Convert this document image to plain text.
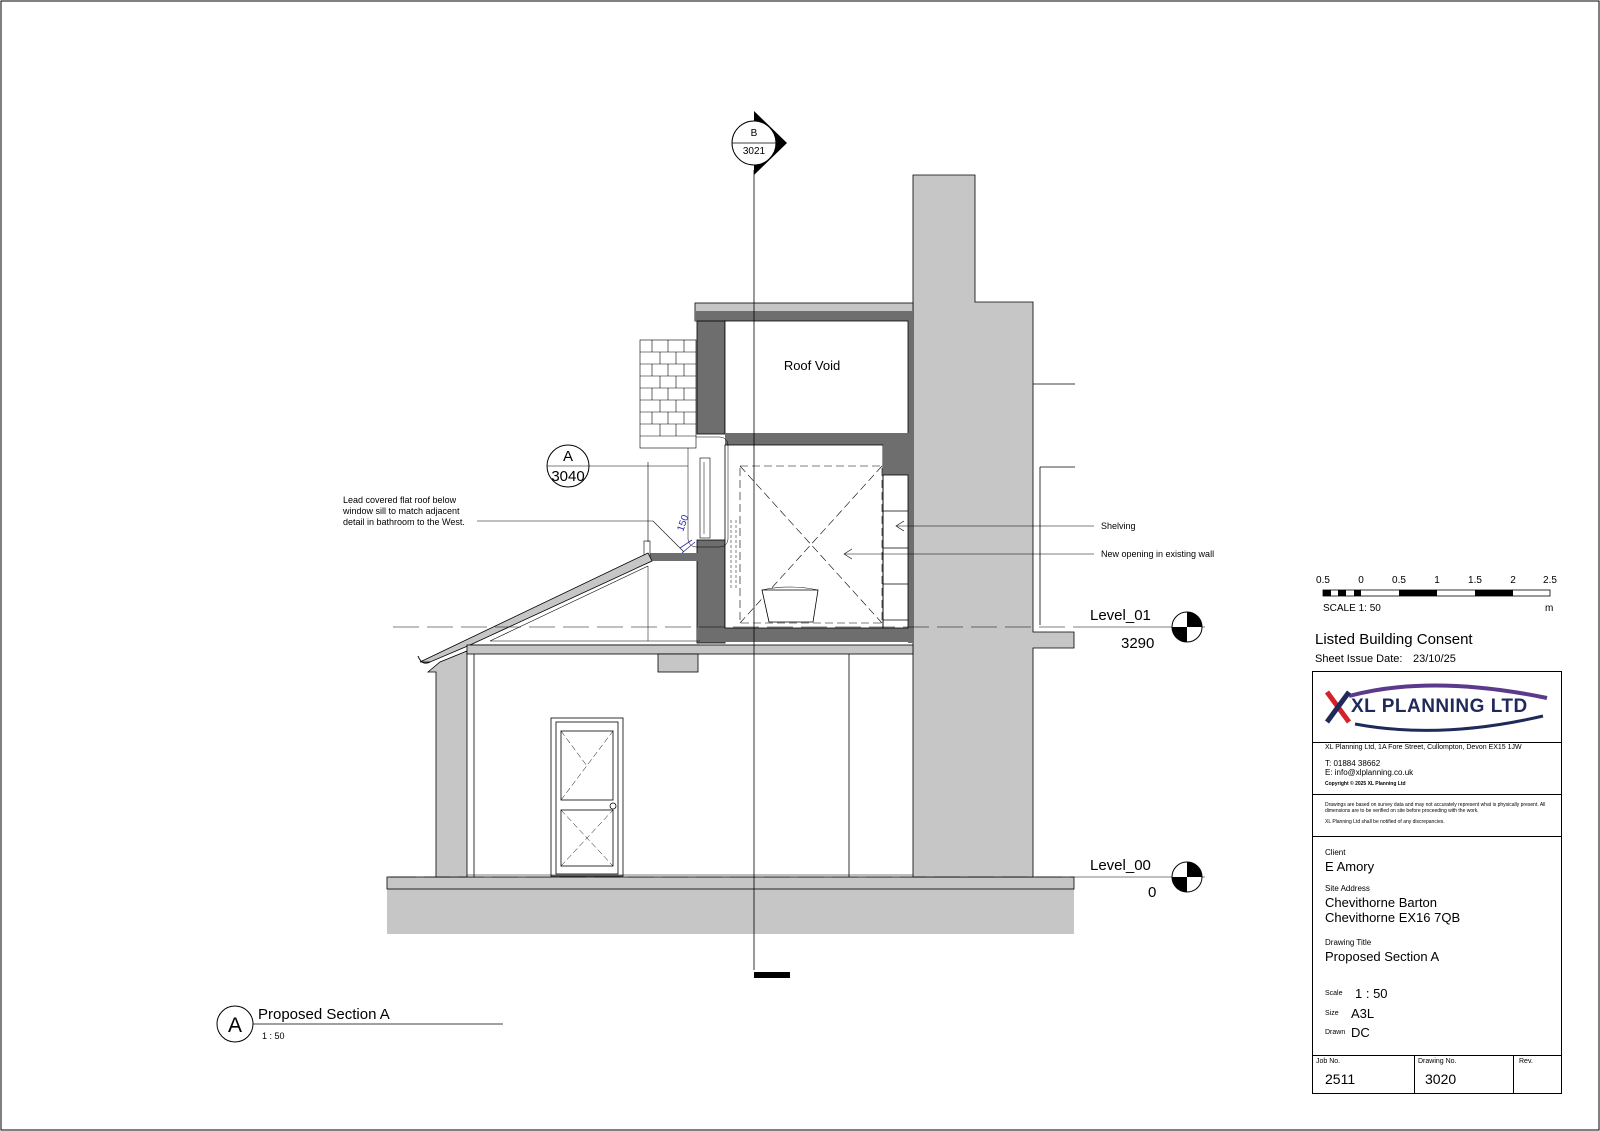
B
3021
Level_01
3290
Level_00
0
Roof Void
A
3040
Lead covered flat roof below
window sill to match adjacent
detail in bathroom to the West.	150	Shelving
New opening in existing wall
A Proposed Section A
1 : 50
0.5	0	0.5	1	1.5	2	2.5
SCALE 1: 50	m
Listed Building Consent
Sheet Issue Date: 23/10/25
XL PLANNING LTD
XL Planning Ltd, 1A Fore Street, Cullompton, Devon EX15 1JW
T: 01884 38662
E: info@xlplanning.co.uk
Copyright © 2025 XL Planning Ltd
Drawings are based on survey data and may not accurately represent what is physically present. All dimensions are to be verified on site before proceeding with the work.
XL Planning Ltd shall be notified of any discrepancies.
Client
E Amory
Site Address
Chevithorne Barton
Chevithorne EX16 7QB
Drawing Title
Proposed Section A
Scale 1 : 50
Size A3L
Drawn DC
Job No.
2511
Drawing No.
3020
Rev.
